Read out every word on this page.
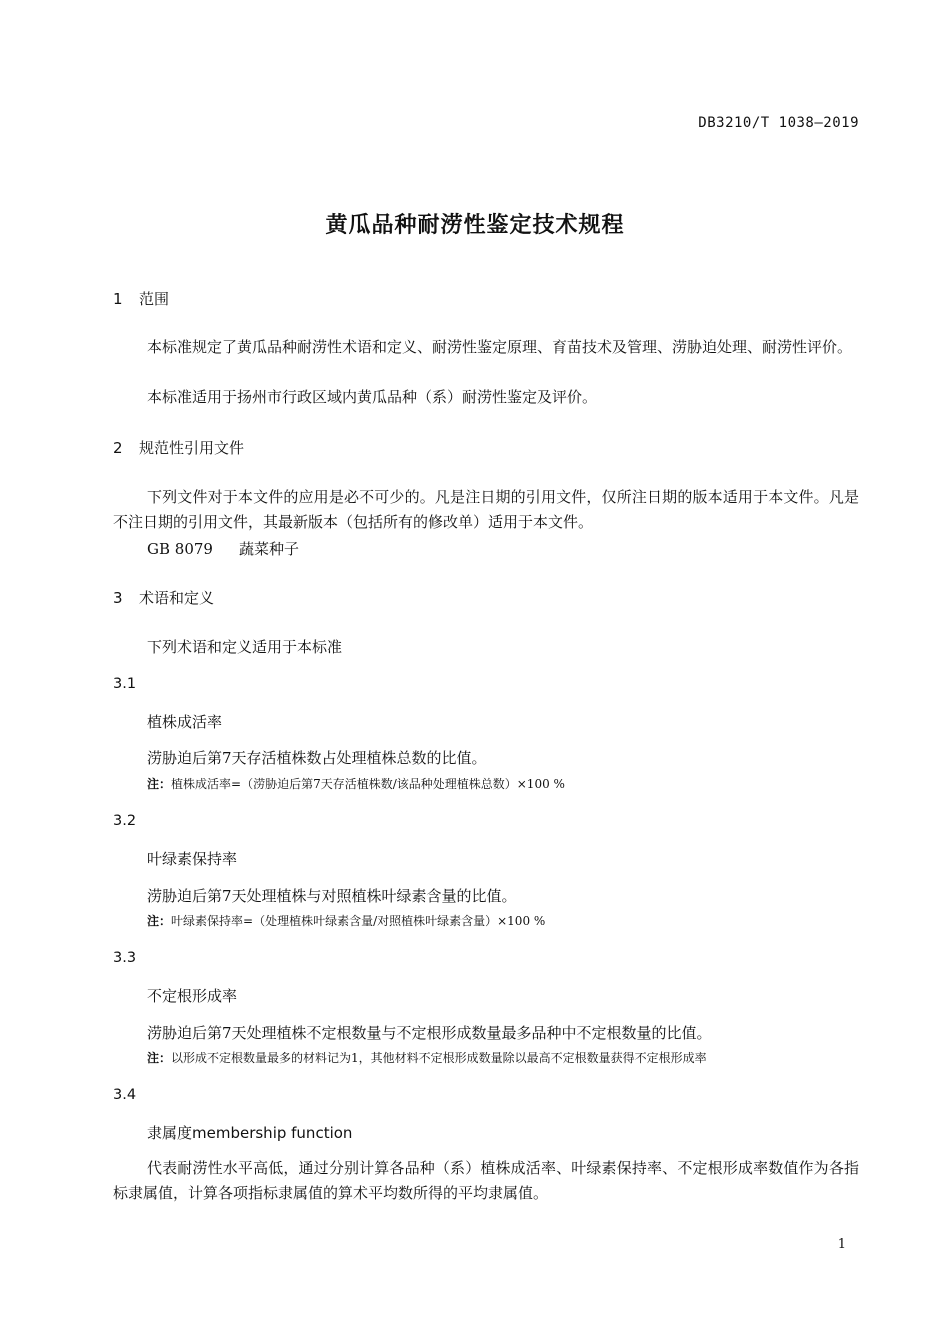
DB3210/T 1038—2019
黄瓜品种耐涝性鉴定技术规程
1 范围
本标准规定了黄瓜品种耐涝性术语和定义、耐涝性鉴定原理、育苗技术及管理、涝胁迫处理、耐涝性评价。
本标准适用于扬州市行政区域内黄瓜品种（系）耐涝性鉴定及评价。
2 规范性引用文件
下列文件对于本文件的应用是必不可少的。凡是注日期的引用文件，仅所注日期的版本适用于本文件。凡是不注日期的引用文件，其最新版本（包括所有的修改单）适用于本文件。
GB 8079 蔬菜种子
3 术语和定义
下列术语和定义适用于本标准
3.1
植株成活率
涝胁迫后第7天存活植株数占处理植株总数的比值。
注：植株成活率=（涝胁迫后第7天存活植株数/该品种处理植株总数）×100 %
3.2
叶绿素保持率
涝胁迫后第7天处理植株与对照植株叶绿素含量的比值。
注：叶绿素保持率=（处理植株叶绿素含量/对照植株叶绿素含量）×100 %
3.3
不定根形成率
涝胁迫后第7天处理植株不定根数量与不定根形成数量最多品种中不定根数量的比值。
注：以形成不定根数量最多的材料记为1，其他材料不定根形成数量除以最高不定根数量获得不定根形成率
3.4
隶属度membership function
代表耐涝性水平高低，通过分别计算各品种（系）植株成活率、叶绿素保持率、不定根形成率数值作为各指标隶属值，计算各项指标隶属值的算术平均数所得的平均隶属值。
1
